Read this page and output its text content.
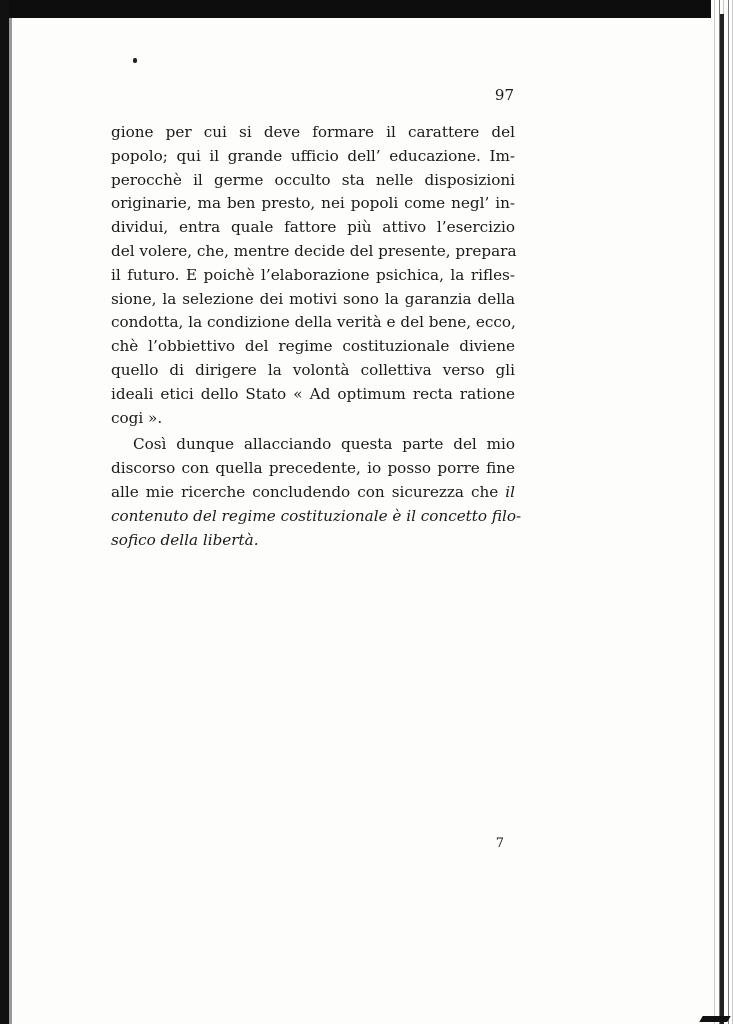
97
gione per cui si deve formare il carattere del
popolo; qui il grande ufficio dell’ educazione. Im-
perocchè il germe occulto sta nelle disposizioni
originarie, ma ben presto, nei popoli come negl’ in-
dividui, entra quale fattore più attivo l’esercizio
del volere, che, mentre decide del presente, prepara
il futuro. E poichè l’elaborazione psichica, la rifles-
sione, la selezione dei motivi sono la garanzia della
condotta, la condizione della verità e del bene, ecco,
chè l’obbiettivo del regime costituzionale diviene
quello di dirigere la volontà collettiva verso gli
ideali etici dello Stato « Ad optimum recta ratione
cogi ».
Così dunque allacciando questa parte del mio
discorso con quella precedente, io posso porre fine
alle mie ricerche concludendo con sicurezza che il
contenuto del regime costituzionale è il concetto filo-
sofico della libertà.
7
